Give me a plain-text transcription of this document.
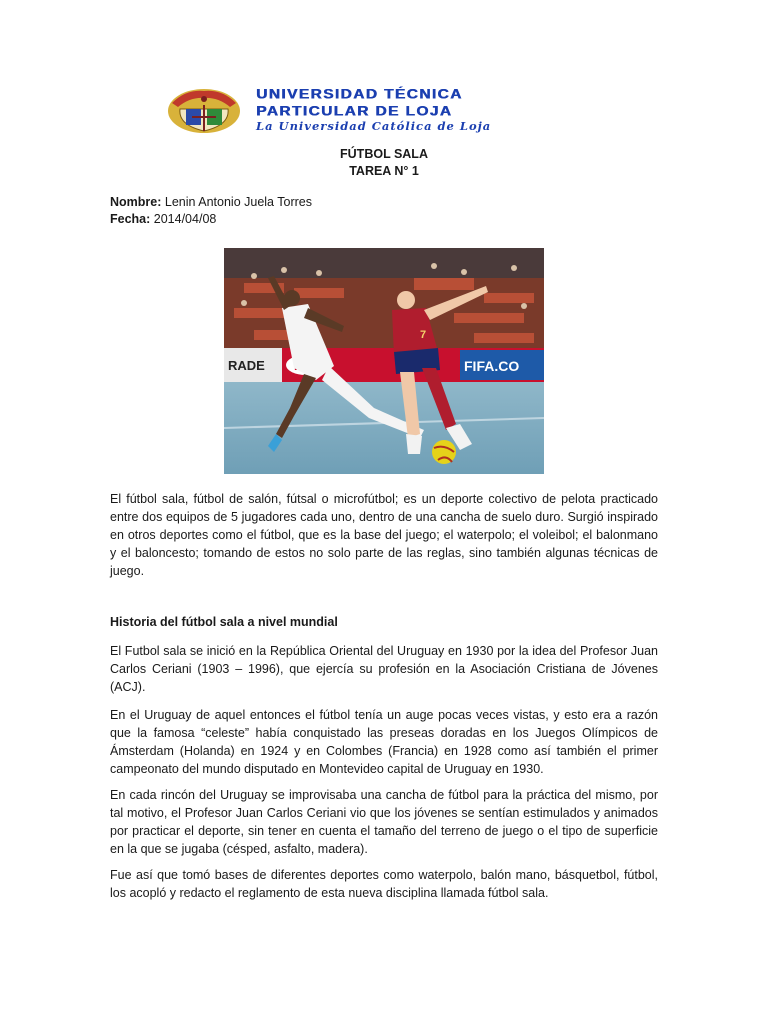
UNIVERSIDAD TÉCNICA
PARTICULAR DE LOJA
La Universidad Católica de Loja
FÚTBOL SALA
TAREA N° 1
Nombre: Lenin Antonio Juela Torres
Fecha: 2014/04/08
RADE	FIFA.CO
7
El fútbol sala, fútbol de salón, fútsal o microfútbol; es un deporte colectivo de pelota practicado entre dos equipos de 5 jugadores cada uno, dentro de una cancha de suelo duro. Surgió inspirado en otros deportes como el fútbol, que es la base del juego; el waterpolo; el voleibol; el balonmano y el baloncesto; tomando de estos no solo parte de las reglas, sino también algunas técnicas de juego.
Historia del fútbol sala a nivel mundial
El Futbol sala se inició en la República Oriental del Uruguay en 1930 por la idea del Profesor Juan Carlos Ceriani (1903 – 1996), que ejercía su profesión en la Asociación Cristiana de Jóvenes (ACJ).
En el Uruguay de aquel entonces el fútbol tenía un auge pocas veces vistas, y esto era a razón que la famosa “celeste” había conquistado las preseas doradas en los Juegos Olímpicos de Ámsterdam (Holanda) en 1924 y en Colombes (Francia) en 1928 como así también el primer campeonato del mundo disputado en Montevideo capital de Uruguay en 1930.
En cada rincón del Uruguay se improvisaba una cancha de fútbol para la práctica del mismo, por tal motivo, el Profesor Juan Carlos Ceriani vio que los jóvenes se sentían estimulados y animados por practicar el deporte, sin tener en cuenta el tamaño del terreno de juego o el tipo de superficie en la que se jugaba (césped, asfalto, madera).
Fue así que tomó bases de diferentes deportes como waterpolo, balón mano, básquetbol, fútbol, los acopló y redacto el reglamento de esta nueva disciplina llamada fútbol sala.
